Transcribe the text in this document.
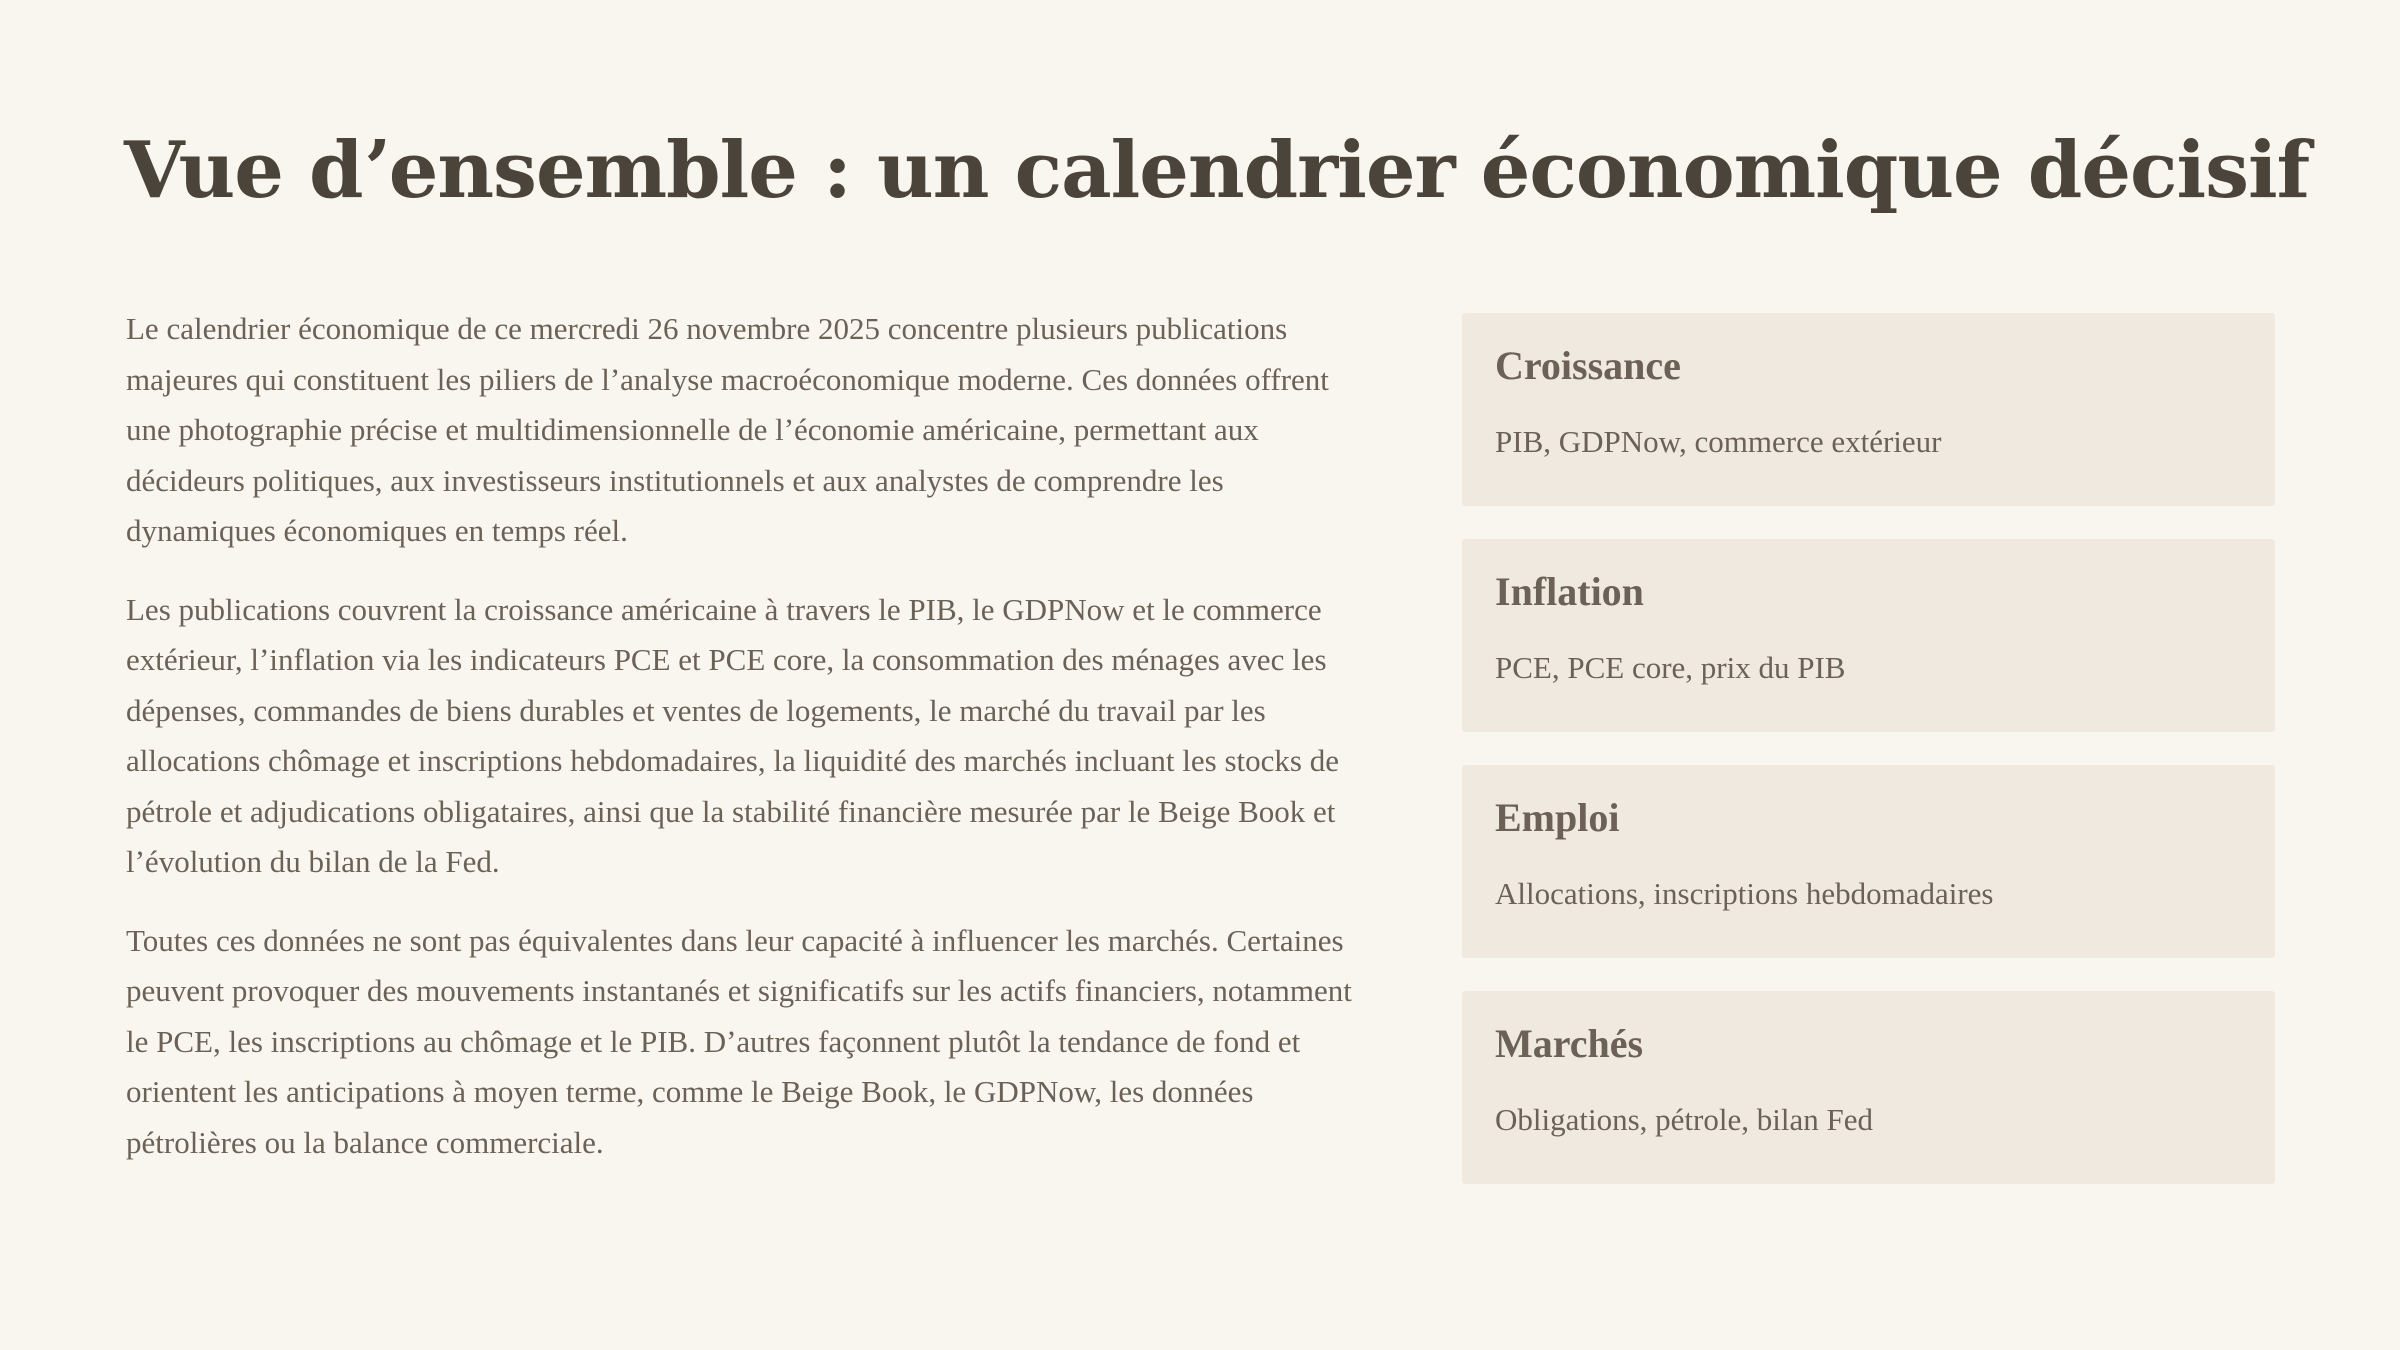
Vue dʼensemble : un calendrier économique décisif

Le calendrier économique de ce mercredi 26 novembre 2025 concentre plusieurs publications majeures qui constituent les piliers de lʼanalyse macroéconomique moderne. Ces données offrent une photographie précise et multidimensionnelle de lʼéconomie américaine, permettant aux décideurs politiques, aux investisseurs institutionnels et aux analystes de comprendre les dynamiques économiques en temps réel.

Les publications couvrent la croissance américaine à travers le PIB, le GDPNow et le commerce extérieur, lʼinflation via les indicateurs PCE et PCE core, la consommation des ménages avec les dépenses, commandes de biens durables et ventes de logements, le marché du travail par les allocations chômage et inscriptions hebdomadaires, la liquidité des marchés incluant les stocks de pétrole et adjudications obligataires, ainsi que la stabilité financière mesurée par le Beige Book et lʼévolution du bilan de la Fed.

Toutes ces données ne sont pas équivalentes dans leur capacité à influencer les marchés. Certaines peuvent provoquer des mouvements instantanés et significatifs sur les actifs financiers, notamment le PCE, les inscriptions au chômage et le PIB. Dʼautres façonnent plutôt la tendance de fond et orientent les anticipations à moyen terme, comme le Beige Book, le GDPNow, les données pétrolières ou la balance commerciale.

Croissance
PIB, GDPNow, commerce extérieur
Inflation
PCE, PCE core, prix du PIB
Emploi
Allocations, inscriptions hebdomadaires
Marchés
Obligations, pétrole, bilan Fed
